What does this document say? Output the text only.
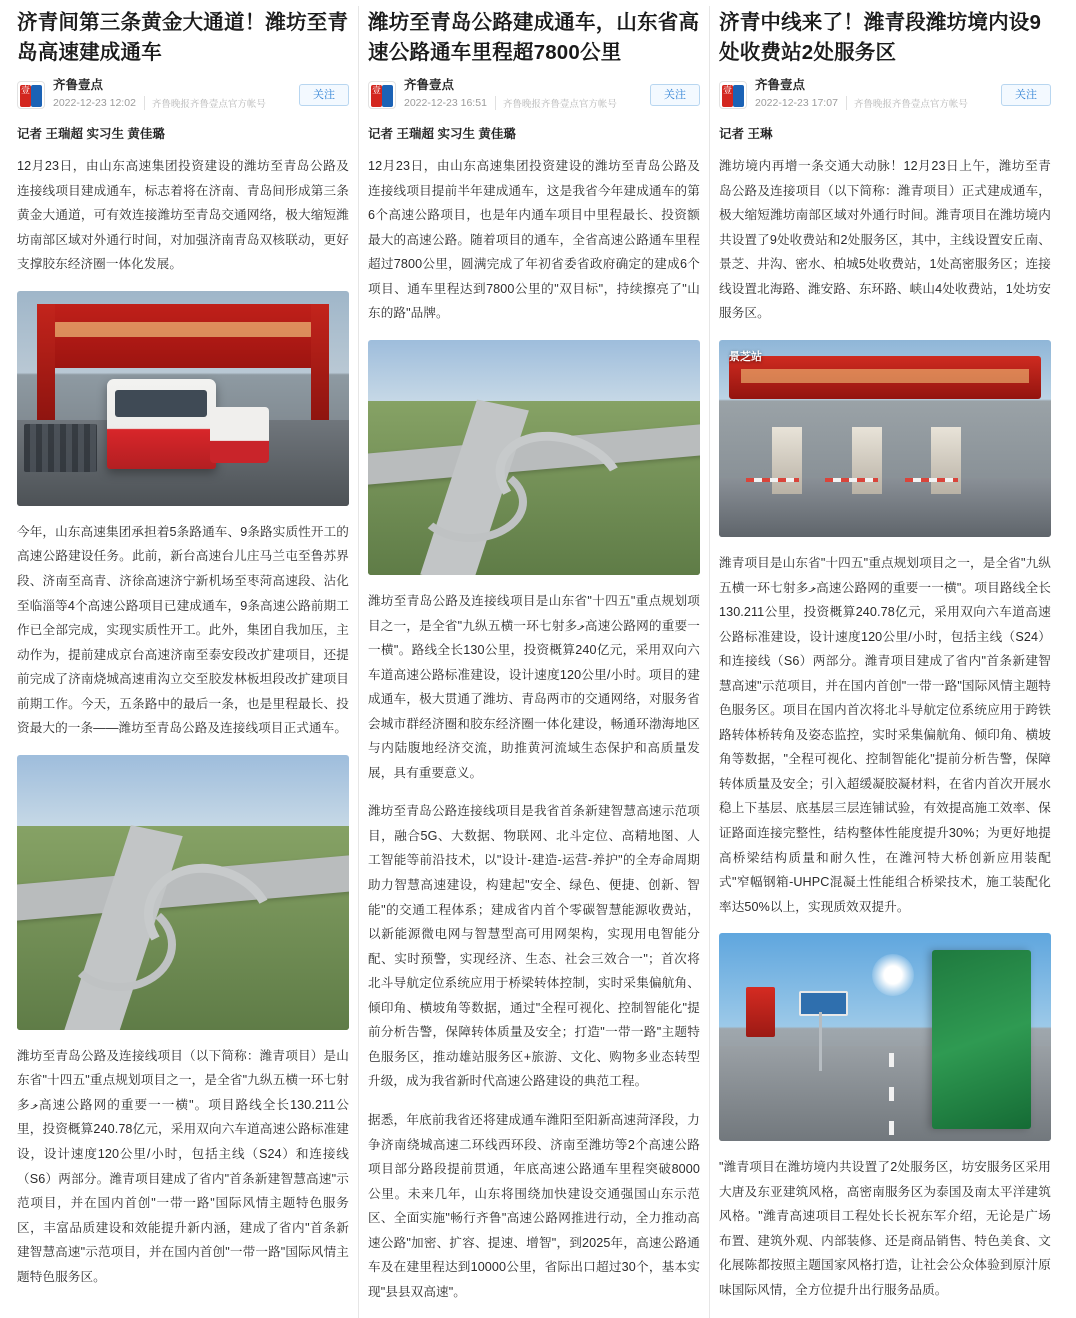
济青间第三条黄金大通道！潍坊至青岛高速建成通车
壹 齐鲁壹点
2022-12-23 12:02	齐鲁晚报齐鲁壹点官方帐号
关注
记者 王瑞超 实习生 黄佳璐

12月23日，由山东高速集团投资建设的潍坊至青岛公路及连接线项目建成通车，标志着将在济南、青岛间形成第三条黄金大通道，可有效连接潍坊至青岛交通网络，极大缩短潍坊南部区域对外通行时间，对加强济南青岛双核联动，更好支撑胶东经济圈一体化发展。

今年，山东高速集团承担着5条路通车、9条路实质性开工的高速公路建设任务。此前，新台高速台儿庄马兰屯至鲁苏界段、济南至高青、济徐高速济宁新机场至枣菏高速段、沾化至临淄等4个高速公路项目已建成通车，9条高速公路前期工作已全部完成，实现实质性开工。此外，集团自我加压，主动作为，提前建成京台高速济南至泰安段改扩建项目，还提前完成了济南烧城高速甫沟立交至胶发林板坦段改扩建项目前期工作。今天，五条路中的最后一条，也是里程最长、投资最大的一条——潍坊至青岛公路及连接线项目正式通车。

潍坊至青岛公路及连接线项目（以下简称：潍青项目）是山东省"十四五"重点规划项目之一，是全省"九纵五横一环七射多ލ高速公路网的重要一一横"。项目路线全长130.211公里，投资概算240.78亿元，采用双向六车道高速公路标准建设，设计速度120公里/小时，包括主线（S24）和连接线（S6）两部分。潍青项目建成了省内"首条新建智慧高速"示范项目，并在国内首创"一带一路"国际风情主题特色服务区，丰富品质建设和效能提升新内涵，建成了省内"首条新建智慧高速"示范项目，并在国内首创"一带一路"国际风情主题特色服务区。

潍坊至青岛公路建成通车，山东省高速公路通车里程超7800公里
壹 齐鲁壹点
2022-12-23 16:51	齐鲁晚报齐鲁壹点官方帐号
关注
记者 王瑞超 实习生 黄佳璐

12月23日，由山东高速集团投资建设的潍坊至青岛公路及连接线项目提前半年建成通车，这是我省今年建成通车的第6个高速公路项目，也是年内通车项目中里程最长、投资额最大的高速公路。随着项目的通车，全省高速公路通车里程超过7800公里，圆满完成了年初省委省政府确定的建成6个项目、通车里程达到7800公里的"双目标"，持续擦亮了"山东的路"品牌。

潍坊至青岛公路及连接线项目是山东省"十四五"重点规划项目之一，是全省"九纵五横一环七射多ލ高速公路网的重要一一横"。路线全长130公里，投资概算240亿元，采用双向六车道高速公路标准建设，设计速度120公里/小时。项目的建成通车，极大贯通了潍坊、青岛两市的交通网络，对服务省会城市群经济圈和胶东经济圈一体化建设，畅通环渤海地区与内陆腹地经济交流，助推黄河流域生态保护和高质量发展，具有重要意义。

潍坊至青岛公路连接线项目是我省首条新建智慧高速示范项目，融合5G、大数据、物联网、北斗定位、高精地图、人工智能等前沿技术，以"设计-建造-运营-养护"的全寿命周期助力智慧高速建设，构建起"安全、绿色、便捷、创新、智能"的交通工程体系；建成省内首个零碳智慧能源收费站，以新能源微电网与智慧型高可用网架构，实现用电智能分配、实时预警，实现经济、生态、社会三效合一"；首次将北斗导航定位系统应用于桥梁转体控制，实时采集偏航角、倾印角、横坡角等数据，通过"全程可视化、控制智能化"提前分析告警，保障转体质量及安全；打造"一带一路"主题特色服务区，推动雄站服务区+旅游、文化、购物多业态转型升级，成为我省新时代高速公路建设的典范工程。

据悉，年底前我省还将建成通车潍阳至阳新高速菏泽段，力争济南绕城高速二环线西环段、济南至潍坊等2个高速公路项目部分路段提前贯通，年底高速公路通车里程突破8000公里。未来几年，山东将围绕加快建设交通强国山东示范区、全面实施"畅行齐鲁"高速公路网推进行动，全力推动高速公路"加密、扩容、提速、增智"，到2025年，高速公路通车及在建里程达到10000公里，省际出口超过30个，基本实现"县县双高速"。

济青中线来了！潍青段潍坊境内设9处收费站2处服务区
壹 齐鲁壹点
2022-12-23 17:07	齐鲁晚报齐鲁壹点官方帐号
关注
记者 王琳

潍坊境内再增一条交通大动脉！12月23日上午，潍坊至青岛公路及连接项目（以下简称：潍青项目）正式建成通车，极大缩短潍坊南部区域对外通行时间。潍青项目在潍坊境内共设置了9处收费站和2处服务区，其中，主线设置安丘南、景芝、井沟、密水、柏城5处收费站，1处高密服务区；连接线设置北海路、潍安路、东环路、峡山4处收费站，1处坊安服务区。

景芝站

潍青项目是山东省"十四五"重点规划项目之一，是全省"九纵五横一环七射多ލ高速公路网的重要一一横"。项目路线全长130.211公里，投资概算240.78亿元，采用双向六车道高速公路标准建设，设计速度120公里/小时，包括主线（S24）和连接线（S6）两部分。潍青项目建成了省内"首条新建智慧高速"示范项目，并在国内首创"一带一路"国际风情主题特色服务区。项目在国内首次将北斗导航定位系统应用于跨铁路转体桥转角及姿态监控，实时采集偏航角、倾印角、横坡角等数据，"全程可视化、控制智能化"提前分析告警，保障转体质量及安全；引入超缓凝胶凝材料，在省内首次开展水稳上下基层、底基层三层连铺试验，有效提高施工效率、保证路面连接完整性，结构整体性能度提升30%；为更好地提高桥梁结构质量和耐久性，在潍河特大桥创新应用装配式"窄幅钢箱-UHPC混凝土性能组合桥梁技术，施工装配化率达50%以上，实现质效双提升。

"潍青项目在潍坊境内共设置了2处服务区，坊安服务区采用大唐及东亚建筑风格，高密南服务区为泰国及南太平洋建筑风格。"潍青高速项目工程处长长祝东军介绍，无论是广场布置、建筑外观、内部装修、还是商品销售、特色美食、文化展陈都按照主题国家风格打造，让社会公众体验到原汁原味国际风情，全方位提升出行服务品质。
